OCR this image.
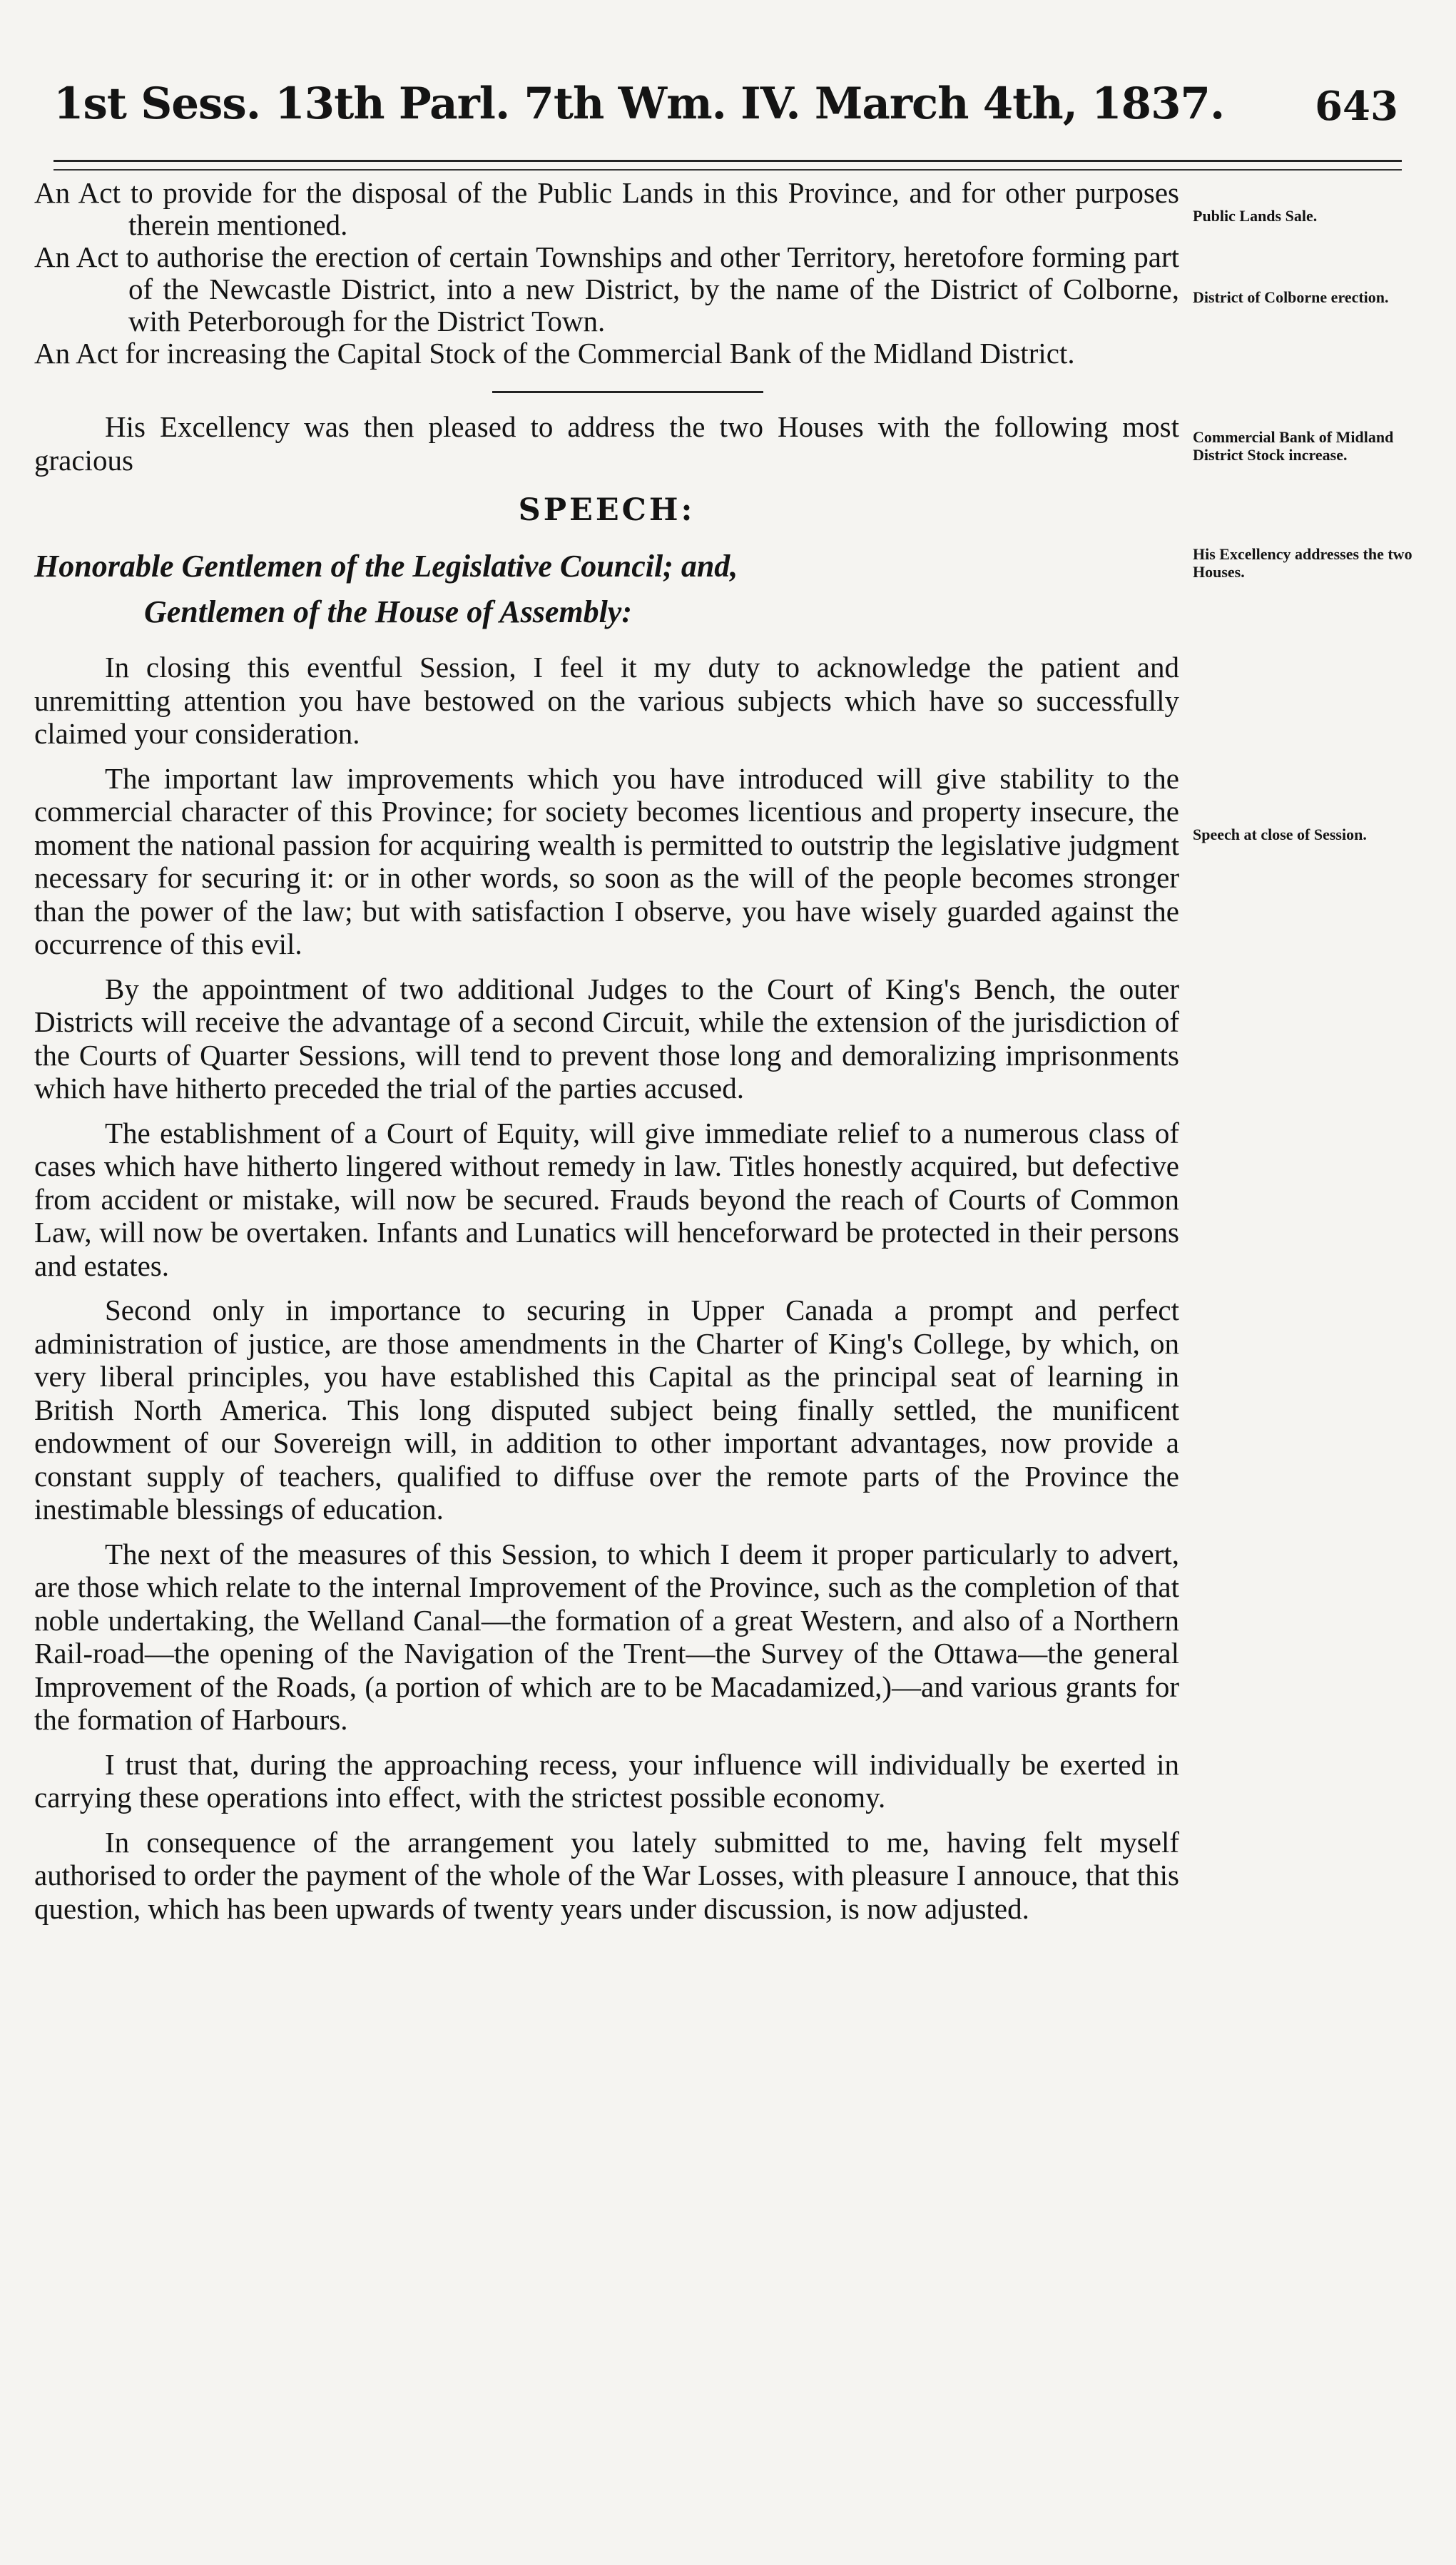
1st Sess. 13th Parl. 7th Wm. IV. March 4th, 1837. 643

An Act to provide for the disposal of the Public Lands in this Province, and for other purposes therein mentioned.

An Act to authorise the erection of certain Townships and other Territory, heretofore forming part of the Newcastle District, into a new District, by the name of the District of Colborne, with Peterborough for the District Town.

An Act for increasing the Capital Stock of the Commercial Bank of the Midland District.

His Excellency was then pleased to address the two Houses with the following most gracious

SPEECH:

Honorable Gentlemen of the Legislative Council; and,

Gentlemen of the House of Assembly:

In closing this eventful Session, I feel it my duty to acknowledge the patient and unremitting attention you have bestowed on the various subjects which have so successfully claimed your consideration.

The important law improvements which you have introduced will give stability to the commercial character of this Province; for society becomes licentious and property insecure, the moment the national passion for acquiring wealth is permitted to outstrip the legislative judgment necessary for securing it: or in other words, so soon as the will of the people becomes stronger than the power of the law; but with satisfaction I observe, you have wisely guarded against the occurrence of this evil.

By the appointment of two additional Judges to the Court of King's Bench, the outer Districts will receive the advantage of a second Circuit, while the extension of the jurisdiction of the Courts of Quarter Sessions, will tend to prevent those long and demoralizing imprisonments which have hitherto preceded the trial of the parties accused.

The establishment of a Court of Equity, will give immediate relief to a numerous class of cases which have hitherto lingered without remedy in law. Titles honestly acquired, but defective from accident or mistake, will now be secured. Frauds beyond the reach of Courts of Common Law, will now be overtaken. Infants and Lunatics will henceforward be protected in their persons and estates.

Second only in importance to securing in Upper Canada a prompt and perfect administration of justice, are those amendments in the Charter of King's College, by which, on very liberal principles, you have established this Capital as the principal seat of learning in British North America. This long disputed subject being finally settled, the munificent endowment of our Sovereign will, in addition to other important advantages, now provide a constant supply of teachers, qualified to diffuse over the remote parts of the Province the inestimable blessings of education.

The next of the measures of this Session, to which I deem it proper particularly to advert, are those which relate to the internal Improvement of the Province, such as the completion of that noble undertaking, the Welland Canal—the formation of a great Western, and also of a Northern Rail-road—the opening of the Navigation of the Trent—the Survey of the Ottawa—the general Improvement of the Roads, (a portion of which are to be Macadamized,)—and various grants for the formation of Harbours.

I trust that, during the approaching recess, your influence will individually be exerted in carrying these operations into effect, with the strictest possible economy.

In consequence of the arrangement you lately submitted to me, having felt myself authorised to order the payment of the whole of the War Losses, with pleasure I annouce, that this question, which has been upwards of twenty years under discussion, is now adjusted.

Public Lands Sale.
District of Colborne erection.
Commercial Bank of Midland District Stock increase.
His Excellency addresses the two Houses.
Speech at close of Session.
